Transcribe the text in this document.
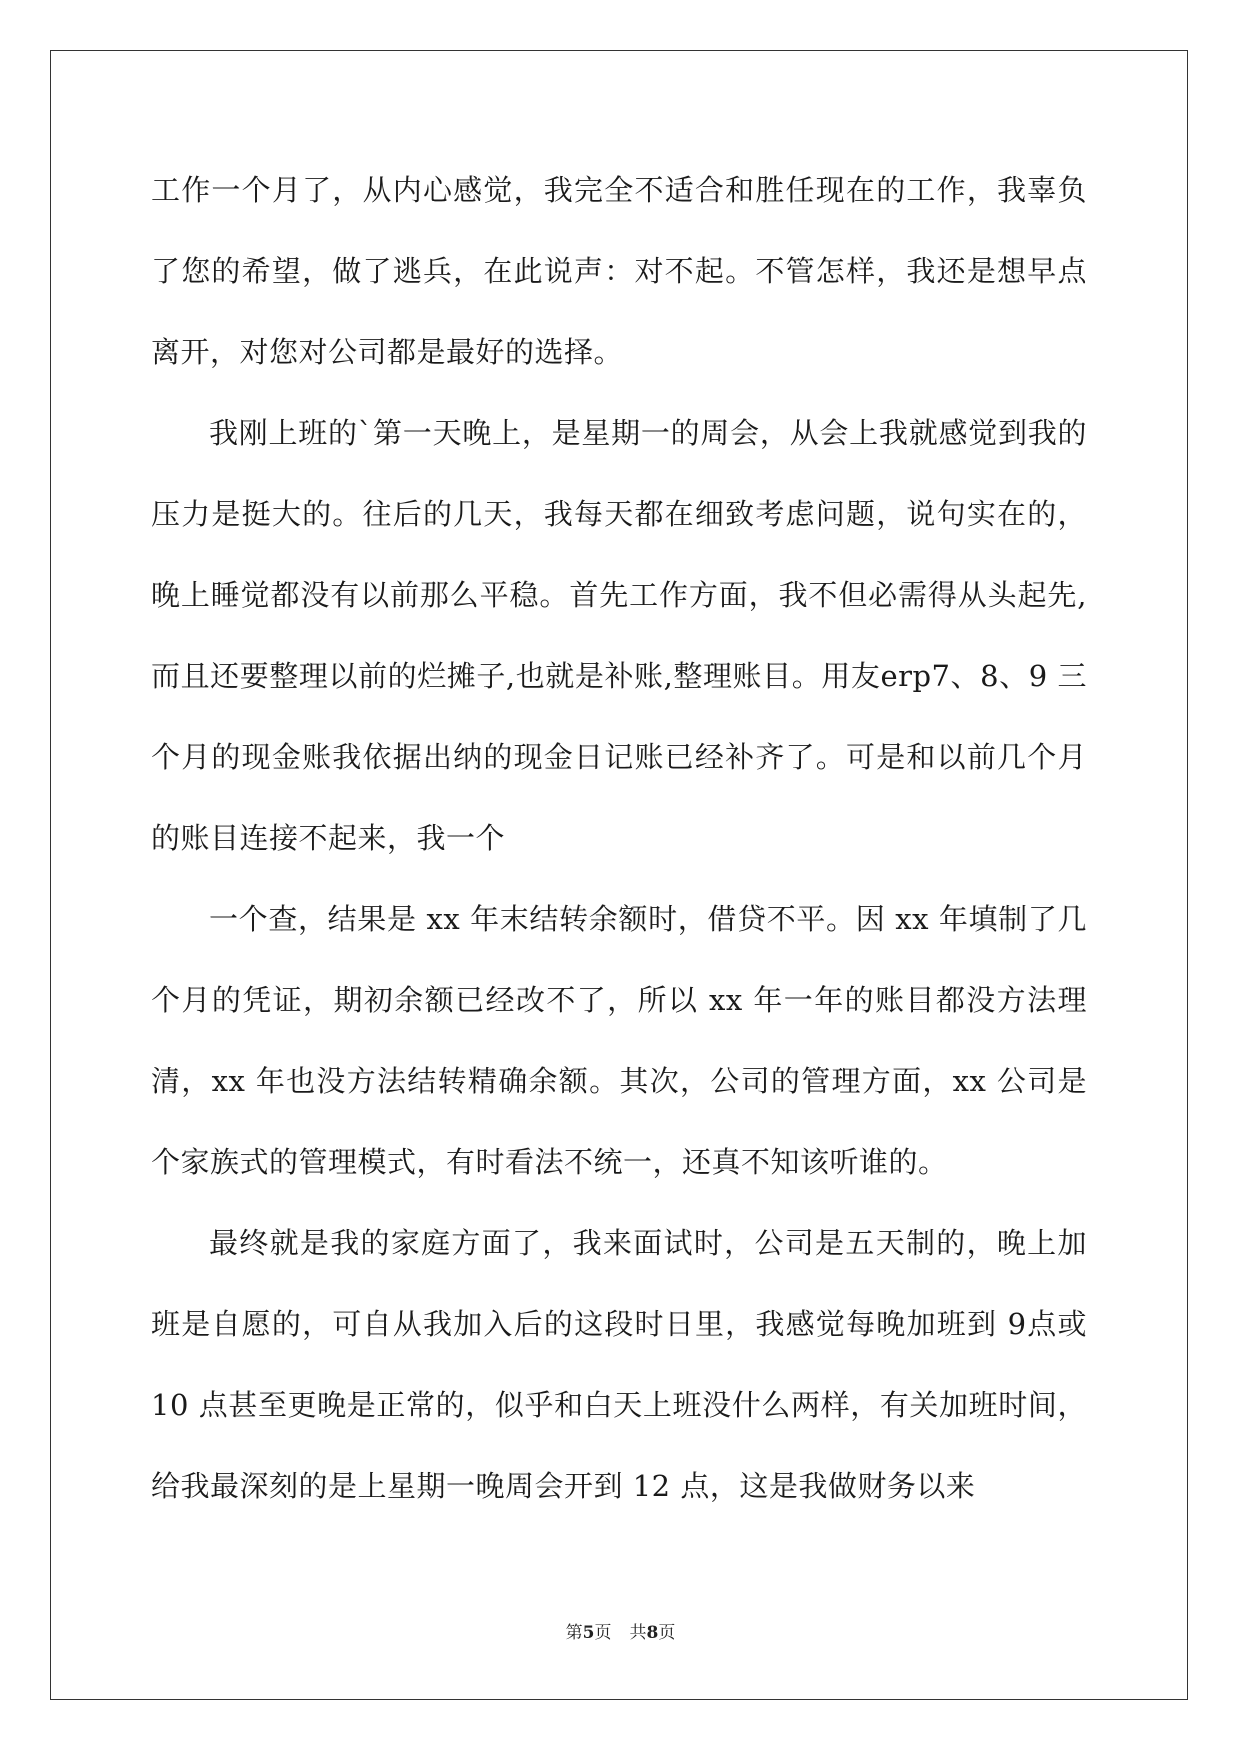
工作一个月了，从内心感觉，我完全不适合和胜任现在的工作，我辜负了您的希望，做了逃兵，在此说声：对不起。不管怎样，我还是想早点离开，对您对公司都是最好的选择。

我刚上班的`第一天晚上，是星期一的周会，从会上我就感觉到我的压力是挺大的。往后的几天，我每天都在细致考虑问题，说句实在的，晚上睡觉都没有以前那么平稳。首先工作方面，我不但必需得从头起先,而且还要整理以前的烂摊子,也就是补账,整理账目。用友erp7、8、9 三个月的现金账我依据出纳的现金日记账已经补齐了。可是和以前几个月的账目连接不起来，我一个

一个查，结果是 xx 年末结转余额时，借贷不平。因 xx 年填制了几个月的凭证，期初余额已经改不了，所以 xx 年一年的账目都没方法理清，xx 年也没方法结转精确余额。其次，公司的管理方面，xx 公司是个家族式的管理模式，有时看法不统一，还真不知该听谁的。

最终就是我的家庭方面了，我来面试时，公司是五天制的，晚上加班是自愿的，可自从我加入后的这段时日里，我感觉每晚加班到 9点或 10 点甚至更晚是正常的，似乎和白天上班没什么两样，有关加班时间，给我最深刻的是上星期一晚周会开到 12 点，这是我做财务以来

第5页 共8页
